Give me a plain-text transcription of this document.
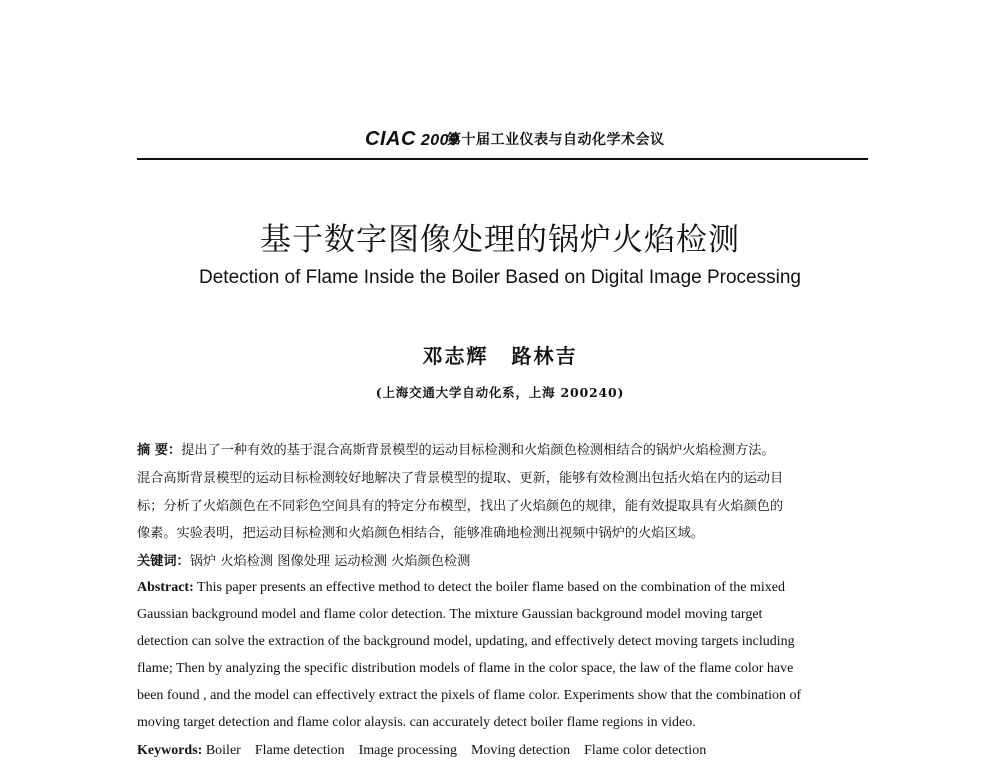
CIAC 2009
第十届工业仪表与自动化学术会议
基于数字图像处理的锅炉火焰检测
Detection of Flame Inside the Boiler Based on Digital Image Processing
邓志辉 路林吉
(上海交通大学自动化系，上海 200240)
摘 要：提出了一种有效的基于混合高斯背景模型的运动目标检测和火焰颜色检测相结合的锅炉火焰检测方法。
混合高斯背景模型的运动目标检测较好地解决了背景模型的提取、更新，能够有效检测出包括火焰在内的运动目
标；分析了火焰颜色在不同彩色空间具有的特定分布模型，找出了火焰颜色的规律，能有效提取具有火焰颜色的
像素。实验表明，把运动目标检测和火焰颜色相结合，能够准确地检测出视频中锅炉的火焰区域。
关键词：锅炉 火焰检测 图像处理 运动检测 火焰颜色检测
Abstract: This paper presents an effective method to detect the boiler flame based on the combination of the mixed
Gaussian background model and flame color detection. The mixture Gaussian background model moving target
detection can solve the extraction of the background model, updating, and effectively detect moving targets including
flame; Then by analyzing the specific distribution models of flame in the color space, the law of the flame color have
been found , and the model can effectively extract the pixels of flame color. Experiments show that the combination of
moving target detection and flame color alaysis. can accurately detect boiler flame regions in video.
Keywords: Boiler    Flame detection    Image processing    Moving detection    Flame color detection
